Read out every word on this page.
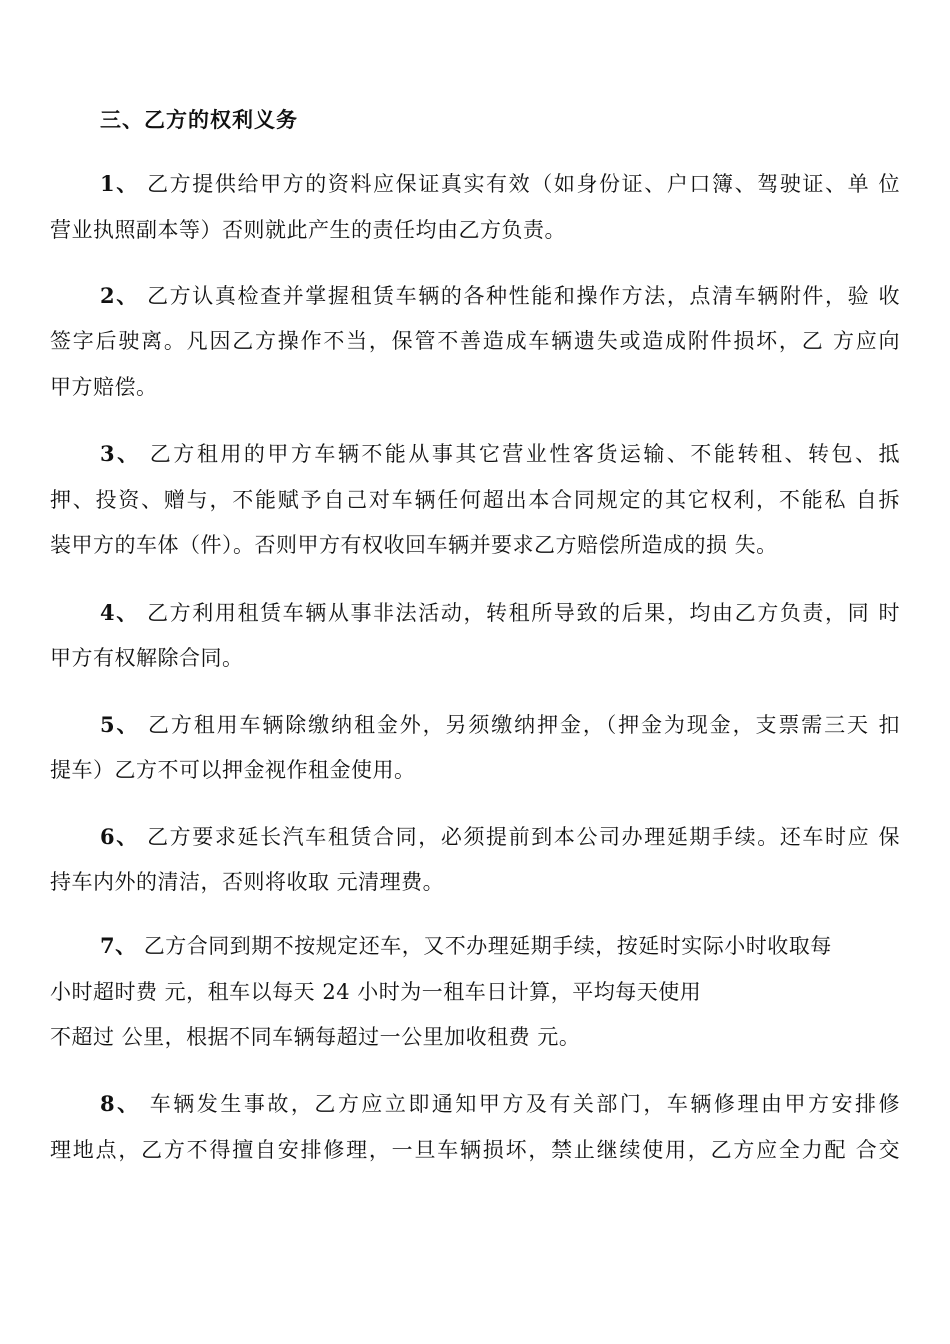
三、乙方的权利义务
1、 乙方提供给甲方的资料应保证真实有效（如身份证、户口簿、驾驶证、单 位
营业执照副本等）否则就此产生的责任均由乙方负责。
2、 乙方认真检查并掌握租赁车辆的各种性能和操作方法，点清车辆附件，验 收
签字后驶离。凡因乙方操作不当，保管不善造成车辆遗失或造成附件损坏，乙 方应向
甲方赔偿。
3、 乙方租用的甲方车辆不能从事其它营业性客货运输、不能转租、转包、抵
押、投资、赠与，不能赋予自己对车辆任何超出本合同规定的其它权利，不能私 自拆
装甲方的车体（件）。否则甲方有权收回车辆并要求乙方赔偿所造成的损 失。
4、 乙方利用租赁车辆从事非法活动，转租所导致的后果，均由乙方负责，同 时
甲方有权解除合同。
5、 乙方租用车辆除缴纳租金外，另须缴纳押金，（押金为现金，支票需三天 扣
提车）乙方不可以押金视作租金使用。
6、 乙方要求延长汽车租赁合同，必须提前到本公司办理延期手续。还车时应 保
持车内外的清洁，否则将收取 元清理费。
7、 乙方合同到期不按规定还车，又不办理延期手续，按延时实际小时收取每
小时超时费 元，租车以每天 24 小时为一租车日计算，平均每天使用
不超过 公里，根据不同车辆每超过一公里加收租费 元。
8、 车辆发生事故，乙方应立即通知甲方及有关部门，车辆修理由甲方安排修
理地点，乙方不得擅自安排修理，一旦车辆损坏，禁止继续使用，乙方应全力配 合交
